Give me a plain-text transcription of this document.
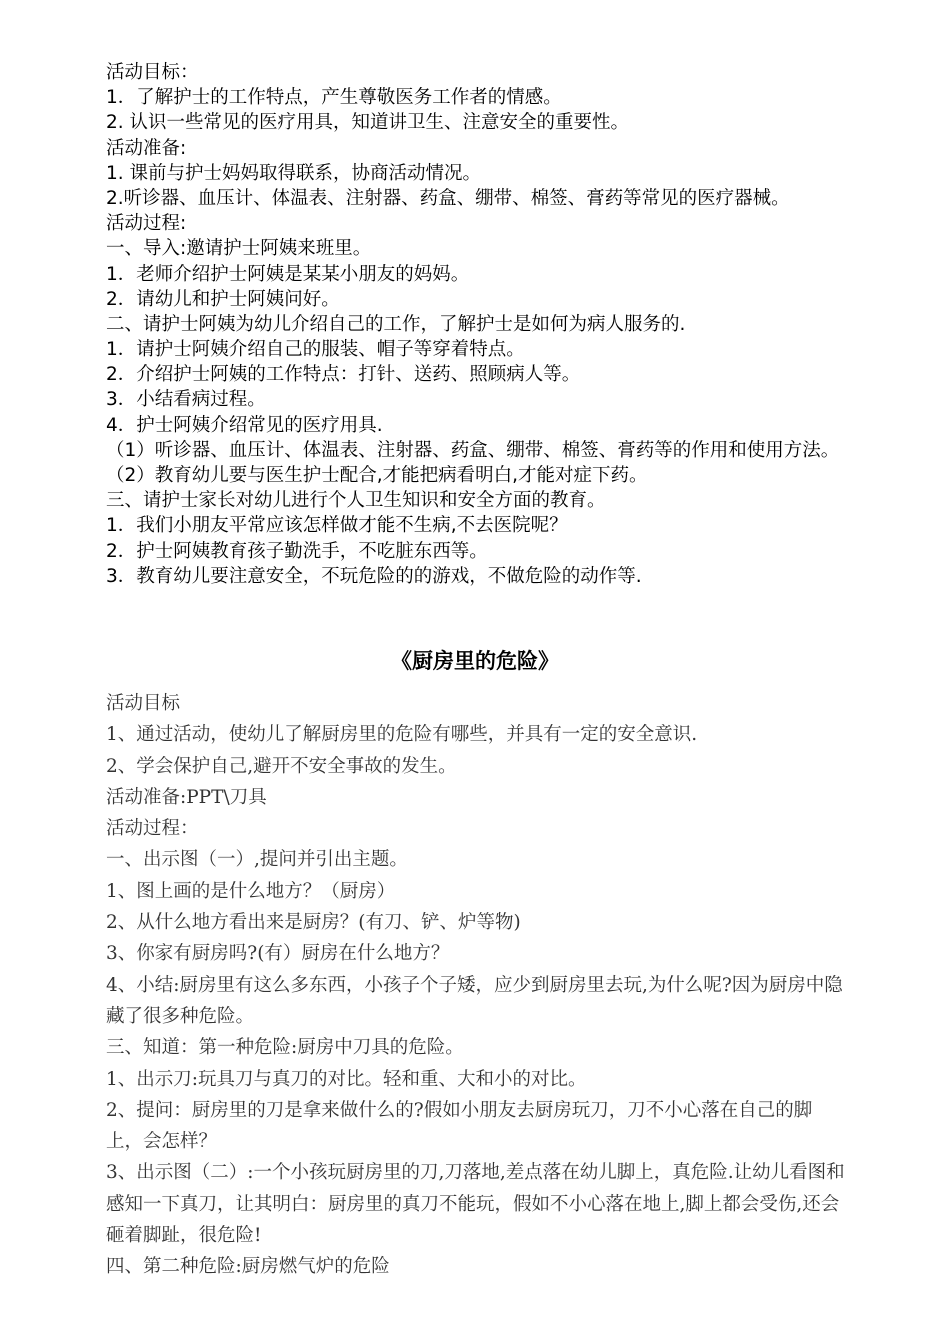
活动目标：
1．了解护士的工作特点，产生尊敬医务工作者的情感。
2. 认识一些常见的医疗用具，知道讲卫生、注意安全的重要性。
活动准备:
1. 课前与护士妈妈取得联系，协商活动情况。
2.听诊器、血压计、体温表、注射器、药盒、绷带、棉签、膏药等常见的医疗器械。
活动过程:
一、导入:邀请护士阿姨来班里。
1．老师介绍护士阿姨是某某小朋友的妈妈。
2．请幼儿和护士阿姨问好。
二、请护士阿姨为幼儿介绍自己的工作，了解护士是如何为病人服务的.
1．请护士阿姨介绍自己的服装、帽子等穿着特点。
2．介绍护士阿姨的工作特点：打针、送药、照顾病人等。
3．小结看病过程。
4．护士阿姨介绍常见的医疗用具.
（1）听诊器、血压计、体温表、注射器、药盒、绷带、棉签、膏药等的作用和使用方法。
（2）教育幼儿要与医生护士配合,才能把病看明白,才能对症下药。
三、请护士家长对幼儿进行个人卫生知识和安全方面的教育。
1．我们小朋友平常应该怎样做才能不生病,不去医院呢？
2．护士阿姨教育孩子勤洗手，不吃脏东西等。
3．教育幼儿要注意安全，不玩危险的的游戏，不做危险的动作等.
《厨房里的危险》
活动目标
1、通过活动，使幼儿了解厨房里的危险有哪些，并具有一定的安全意识.
2、学会保护自己,避开不安全事故的发生。
活动准备:PPT\刀具
活动过程：
一、出示图（一）,提问并引出主题。
1、图上画的是什么地方？（厨房）
2、从什么地方看出来是厨房？(有刀、铲、炉等物)
3、你家有厨房吗?(有）厨房在什么地方？
4、小结:厨房里有这么多东西，小孩子个子矮，应少到厨房里去玩,为什么呢?因为厨房中隐藏了很多种危险。
三、知道：第一种危险:厨房中刀具的危险。
1、出示刀:玩具刀与真刀的对比。轻和重、大和小的对比。
2、提问：厨房里的刀是拿来做什么的?假如小朋友去厨房玩刀，刀不小心落在自己的脚上，会怎样？
3、出示图（二）:一个小孩玩厨房里的刀,刀落地,差点落在幼儿脚上，真危险.让幼儿看图和感知一下真刀，让其明白：厨房里的真刀不能玩，假如不小心落在地上,脚上都会受伤,还会砸着脚趾，很危险!
四、第二种危险:厨房燃气炉的危险
